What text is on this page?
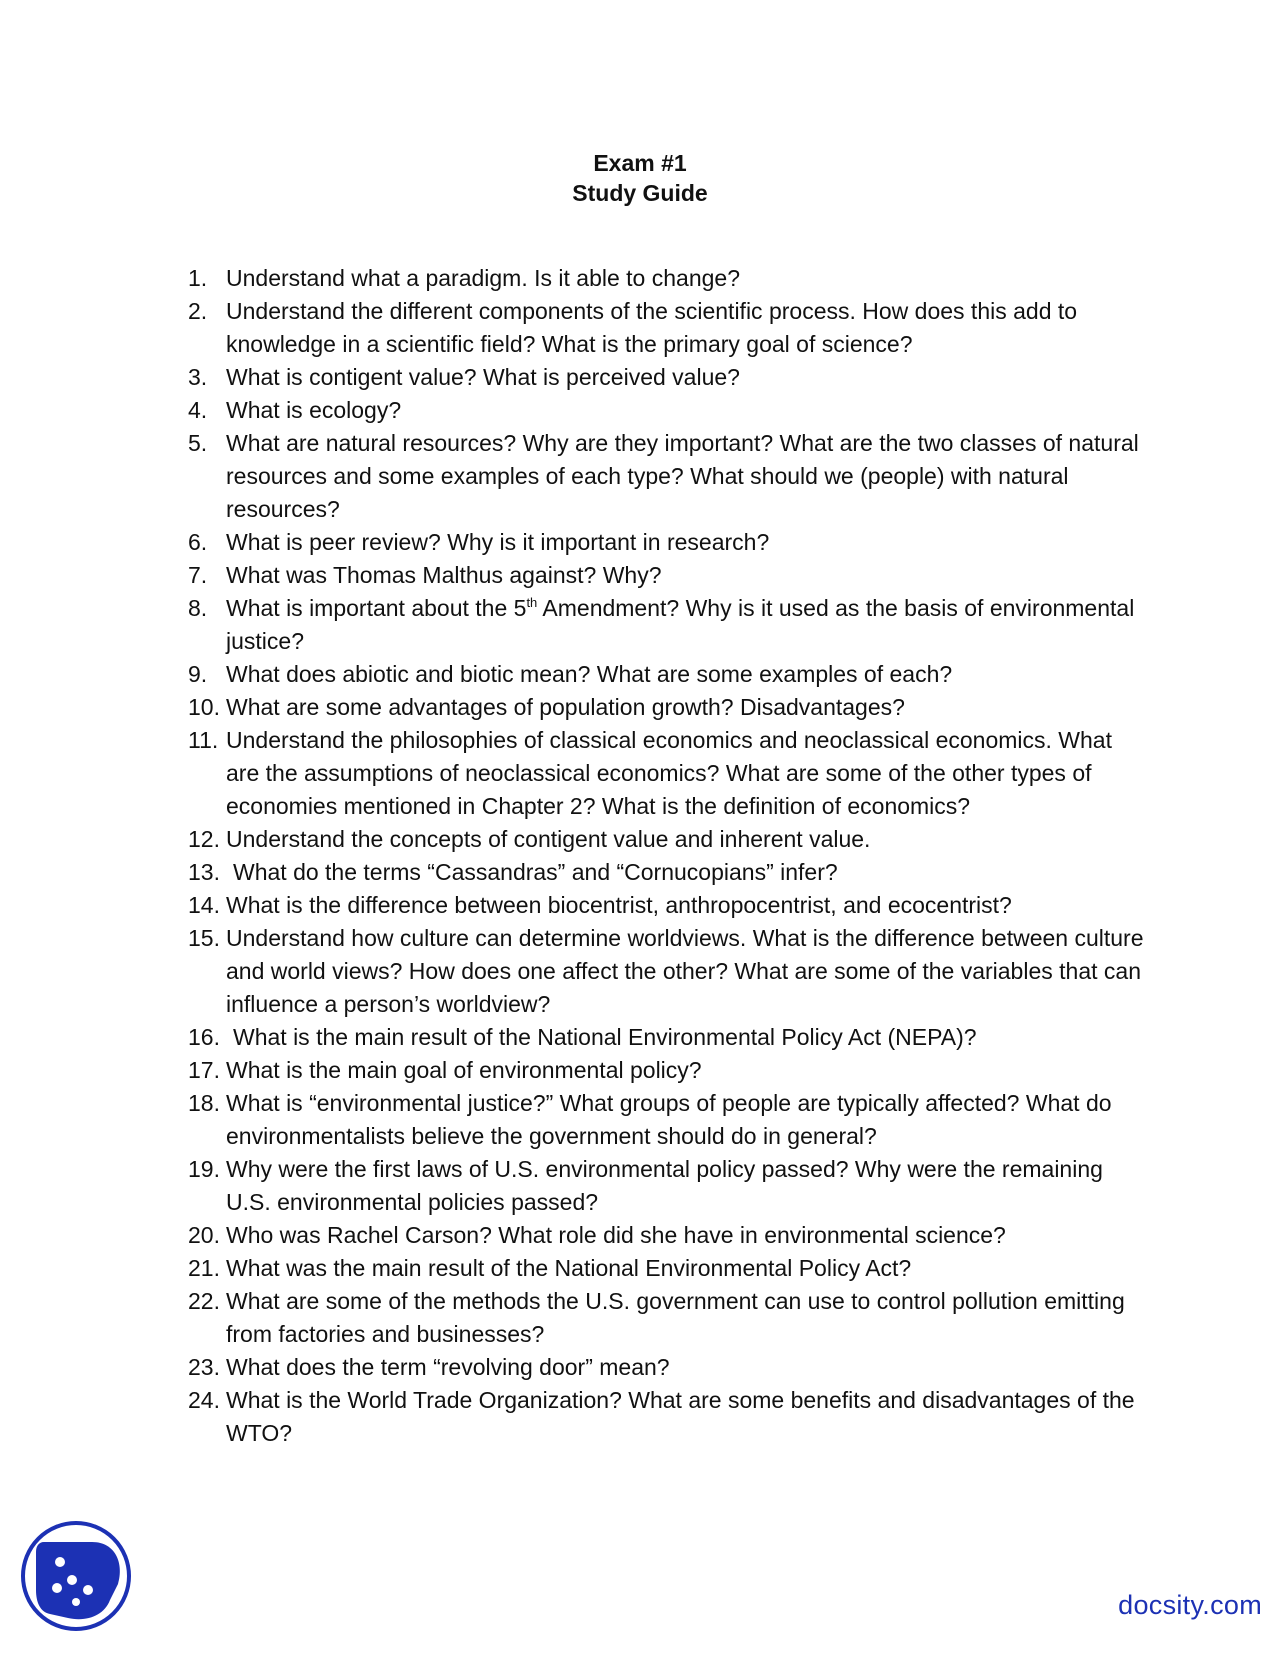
Exam #1
Study Guide
1. Understand what a paradigm. Is it able to change?
2. Understand the different components of the scientific process. How does this add to knowledge in a scientific field? What is the primary goal of science?
3. What is contigent value? What is perceived value?
4. What is ecology?
5. What are natural resources? Why are they important? What are the two classes of natural resources and some examples of each type? What should we (people) with natural resources?
6. What is peer review? Why is it important in research?
7. What was Thomas Malthus against? Why?
8. What is important about the 5th Amendment? Why is it used as the basis of environmental justice?
9. What does abiotic and biotic mean? What are some examples of each?
10. What are some advantages of population growth? Disadvantages?
11. Understand the philosophies of classical economics and neoclassical economics. What are the assumptions of neoclassical economics? What are some of the other types of economies mentioned in Chapter 2? What is the definition of economics?
12. Understand the concepts of contigent value and inherent value.
13. What do the terms “Cassandras” and “Cornucopians” infer?
14. What is the difference between biocentrist, anthropocentrist, and ecocentrist?
15. Understand how culture can determine worldviews. What is the difference between culture and world views? How does one affect the other? What are some of the variables that can influence a person’s worldview?
16. What is the main result of the National Environmental Policy Act (NEPA)?
17. What is the main goal of environmental policy?
18. What is “environmental justice?” What groups of people are typically affected? What do environmentalists believe the government should do in general?
19. Why were the first laws of U.S. environmental policy passed? Why were the remaining U.S. environmental policies passed?
20. Who was Rachel Carson? What role did she have in environmental science?
21. What was the main result of the National Environmental Policy Act?
22. What are some of the methods the U.S. government can use to control pollution emitting from factories and businesses?
23. What does the term “revolving door” mean?
24. What is the World Trade Organization? What are some benefits and disadvantages of the WTO?
docsity.com
